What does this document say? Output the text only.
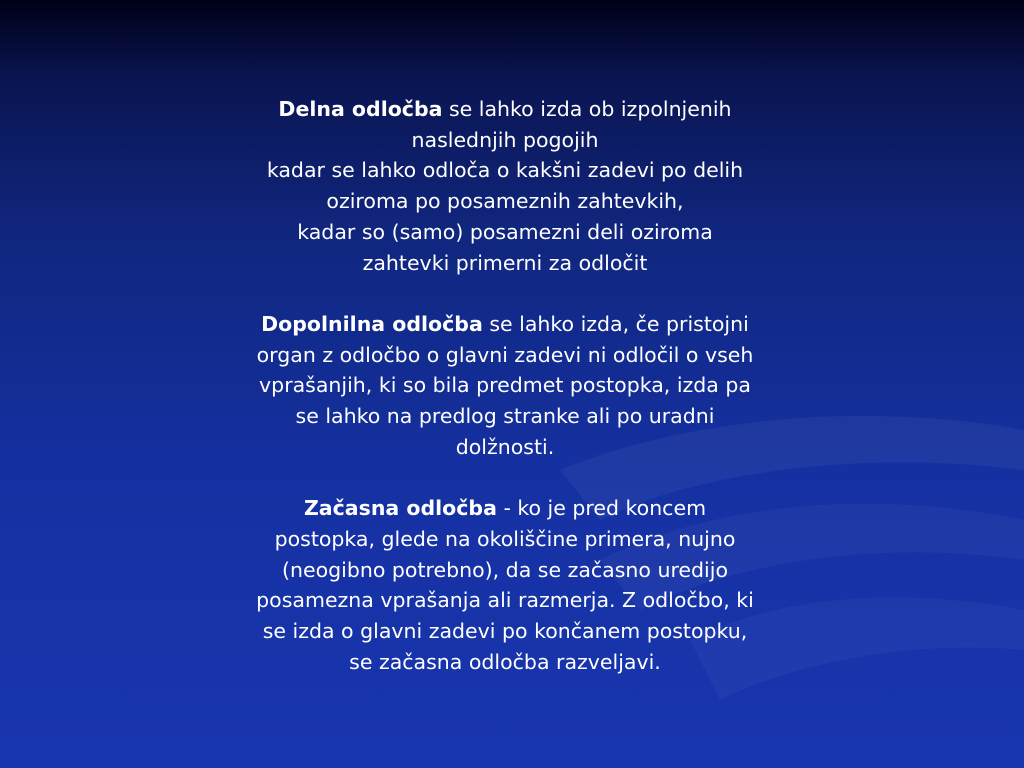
Delna odločba se lahko izda ob izpolnjenih
naslednjih pogojih
kadar se lahko odloča o kakšni zadevi po delih
oziroma po posameznih zahtevkih,
kadar so (samo) posamezni deli oziroma
zahtevki primerni za odločit

Dopolnilna odločba se lahko izda, če pristojni
organ z odločbo o glavni zadevi ni odločil o vseh
vprašanjih, ki so bila predmet postopka, izda pa
se lahko na predlog stranke ali po uradni
dolžnosti.

Začasna odločba - ko je pred koncem
postopka, glede na okoliščine primera, nujno
(neogibno potrebno), da se začasno uredijo
posamezna vprašanja ali razmerja. Z odločbo, ki
se izda o glavni zadevi po končanem postopku,
se začasna odločba razveljavi.
